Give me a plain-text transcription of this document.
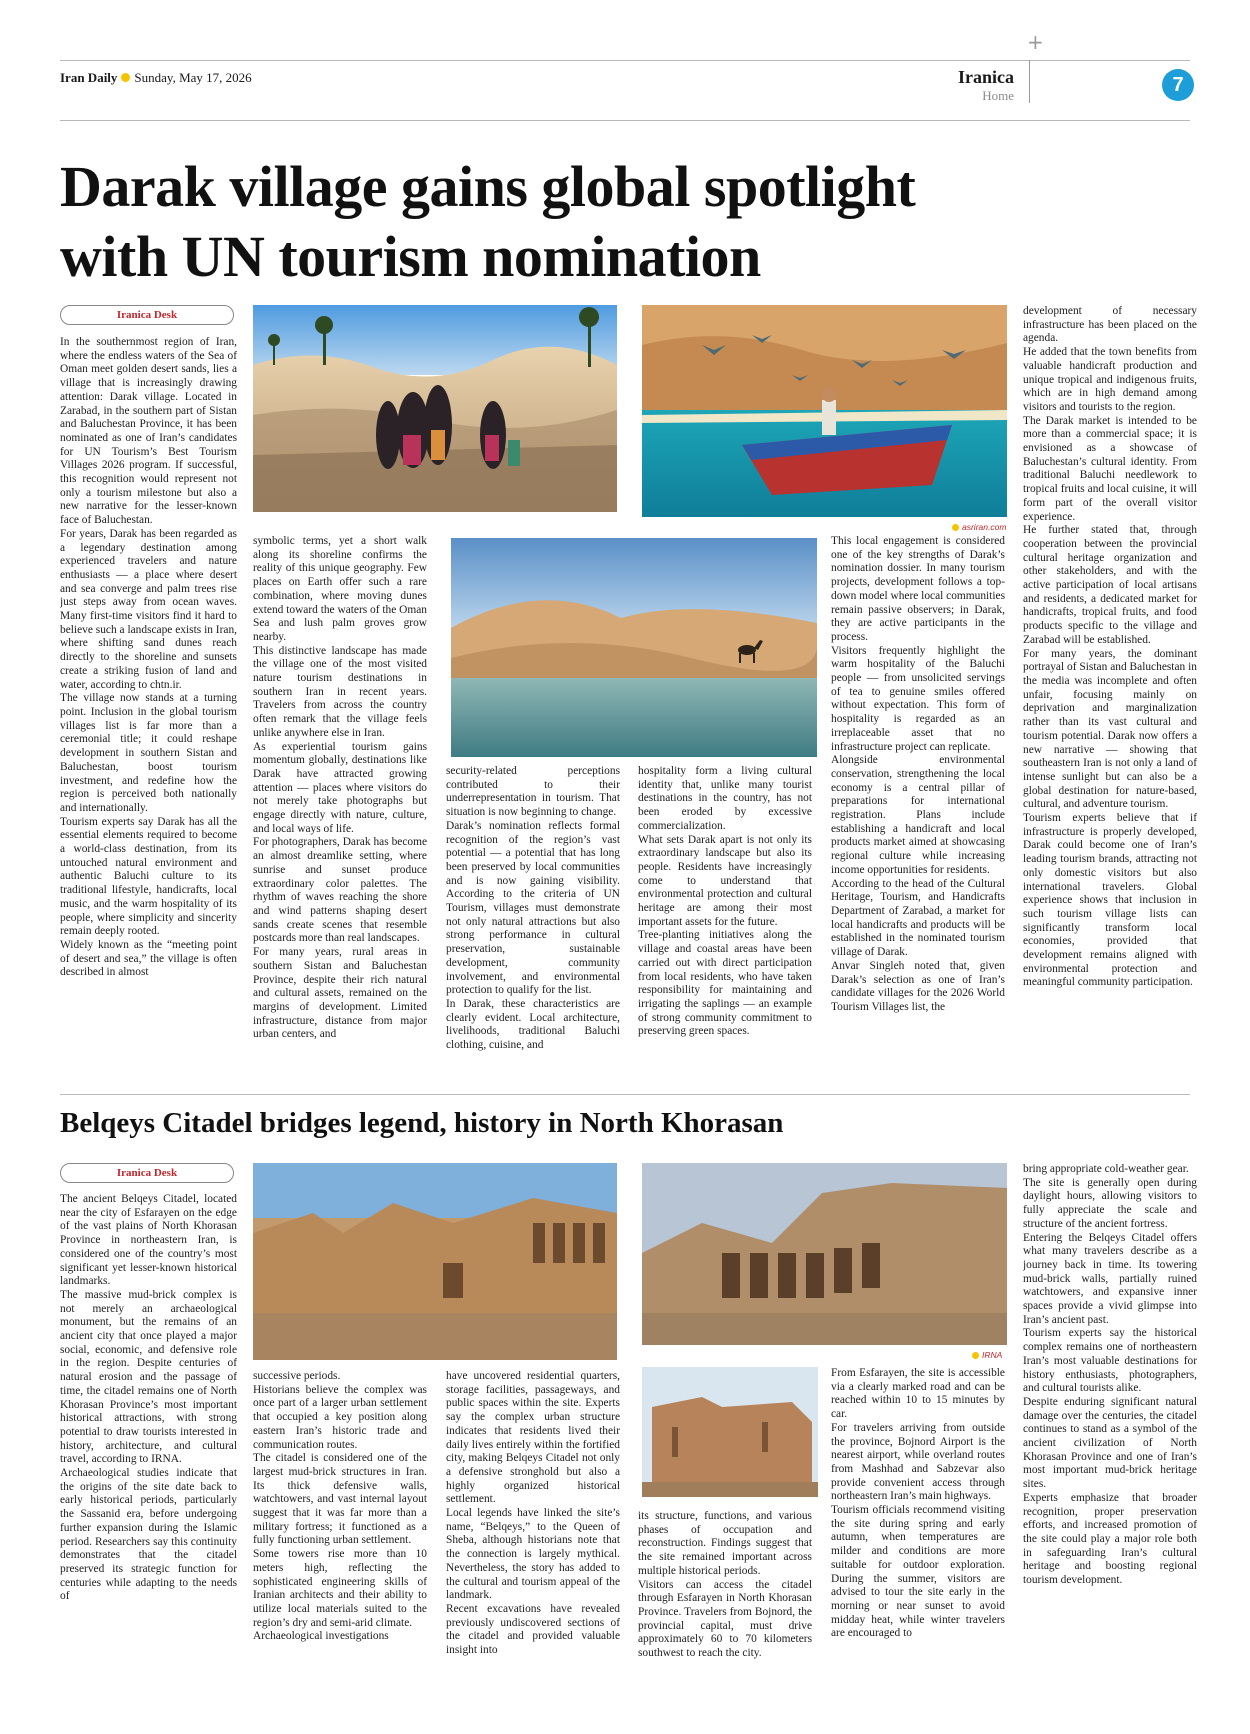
Iran Daily Sunday, May 17, 2026
+
Iranica
Home	7
Darak village gains global spotlight
with UN tourism nomination
Iranica Desk
asriran.com

In the southernmost region of Iran, where the endless waters of the Sea of Oman meet golden desert sands, lies a village that is increasingly drawing attention: Darak village. Located in Zarabad, in the southern part of Sistan and Baluchestan Province, it has been nominated as one of Iran’s candidates for UN Tourism’s Best Tourism Villages 2026 program. If successful, this recognition would represent not only a tourism milestone but also a new narrative for the lesser-known face of Baluchestan.

For years, Darak has been regarded as a legendary destination among experienced travelers and nature enthusiasts — a place where desert and sea converge and palm trees rise just steps away from ocean waves. Many first-time visitors find it hard to believe such a landscape exists in Iran, where shifting sand dunes reach directly to the shoreline and sunsets create a striking fusion of land and water, according to chtn.ir.

The village now stands at a turning point. Inclusion in the global tourism villages list is far more than a ceremonial title; it could reshape development in southern Sistan and Baluchestan, boost tourism investment, and redefine how the region is perceived both nationally and internationally.

Tourism experts say Darak has all the essential elements required to become a world-class destination, from its untouched natural environment and authentic Baluchi culture to its traditional lifestyle, handicrafts, local music, and the warm hospitality of its people, where simplicity and sincerity remain deeply rooted.

Widely known as the “meeting point of desert and sea,” the village is often described in almost

symbolic terms, yet a short walk along its shoreline confirms the reality of this unique geography. Few places on Earth offer such a rare combination, where moving dunes extend toward the waters of the Oman Sea and lush palm groves grow nearby.

This distinctive landscape has made the village one of the most visited nature tourism destinations in southern Iran in recent years. Travelers from across the country often remark that the village feels unlike anywhere else in Iran.

As experiential tourism gains momentum globally, destinations like Darak have attracted growing attention — places where visitors do not merely take photographs but engage directly with nature, culture, and local ways of life.

For photographers, Darak has become an almost dreamlike setting, where sunrise and sunset produce extraordinary color palettes. The rhythm of waves reaching the shore and wind patterns shaping desert sands create scenes that resemble postcards more than real landscapes.

For many years, rural areas in southern Sistan and Baluchestan Province, despite their rich natural and cultural assets, remained on the margins of development. Limited infrastructure, distance from major urban centers, and

security-related perceptions contributed to their underrepresentation in tourism. That situation is now beginning to change.

Darak’s nomination reflects formal recognition of the region’s vast potential — a potential that has long been preserved by local communities and is now gaining visibility. According to the criteria of UN Tourism, villages must demonstrate not only natural attractions but also strong performance in cultural preservation, sustainable development, community involvement, and environmental protection to qualify for the list.

In Darak, these characteristics are clearly evident. Local architecture, livelihoods, traditional Baluchi clothing, cuisine, and

hospitality form a living cultural identity that, unlike many tourist destinations in the country, has not been eroded by excessive commercialization.

What sets Darak apart is not only its extraordinary landscape but also its people. Residents have increasingly come to understand that environmental protection and cultural heritage are among their most important assets for the future.

Tree-planting initiatives along the village and coastal areas have been carried out with direct participation from local residents, who have taken responsibility for maintaining and irrigating the saplings — an example of strong community commitment to preserving green spaces.

This local engagement is considered one of the key strengths of Darak’s nomination dossier. In many tourism projects, development follows a top-down model where local communities remain passive observers; in Darak, they are active participants in the process.

Visitors frequently highlight the warm hospitality of the Baluchi people — from unsolicited servings of tea to genuine smiles offered without expectation. This form of hospitality is regarded as an irreplaceable asset that no infrastructure project can replicate.

Alongside environmental conservation, strengthening the local economy is a central pillar of preparations for international registration. Plans include establishing a handicraft and local products market aimed at showcasing regional culture while increasing income opportunities for residents.

According to the head of the Cultural Heritage, Tourism, and Handicrafts Department of Zarabad, a market for local handicrafts and products will be established in the nominated tourism village of Darak.

Anvar Singleh noted that, given Darak’s selection as one of Iran’s candidate villages for the 2026 World Tourism Villages list, the

development of necessary infrastructure has been placed on the agenda.

He added that the town benefits from valuable handicraft production and unique tropical and indigenous fruits, which are in high demand among visitors and tourists to the region.

The Darak market is intended to be more than a commercial space; it is envisioned as a showcase of Baluchestan’s cultural identity. From traditional Baluchi needlework to tropical fruits and local cuisine, it will form part of the overall visitor experience.

He further stated that, through cooperation between the provincial cultural heritage organization and other stakeholders, and with the active participation of local artisans and residents, a dedicated market for handicrafts, tropical fruits, and food products specific to the village and Zarabad will be established.

For many years, the dominant portrayal of Sistan and Baluchestan in the media was incomplete and often unfair, focusing mainly on deprivation and marginalization rather than its vast cultural and tourism potential. Darak now offers a new narrative — showing that southeastern Iran is not only a land of intense sunlight but can also be a global destination for nature-based, cultural, and adventure tourism.

Tourism experts believe that if infrastructure is properly developed, Darak could become one of Iran’s leading tourism brands, attracting not only domestic visitors but also international travelers. Global experience shows that inclusion in such tourism village lists can significantly transform local economies, provided that development remains aligned with environmental protection and meaningful community participation.

Belqeys Citadel bridges legend, history in North Khorasan
Iranica Desk
IRNA

The ancient Belqeys Citadel, located near the city of Esfarayen on the edge of the vast plains of North Khorasan Province in northeastern Iran, is considered one of the country’s most significant yet lesser-known historical landmarks.

The massive mud-brick complex is not merely an archaeological monument, but the remains of an ancient city that once played a major social, economic, and defensive role in the region. Despite centuries of natural erosion and the passage of time, the citadel remains one of North Khorasan Province’s most important historical attractions, with strong potential to draw tourists interested in history, architecture, and cultural travel, according to IRNA.

Archaeological studies indicate that the origins of the site date back to early historical periods, particularly the Sassanid era, before undergoing further expansion during the Islamic period. Researchers say this continuity demonstrates that the citadel preserved its strategic function for centuries while adapting to the needs of

successive periods.

Historians believe the complex was once part of a larger urban settlement that occupied a key position along eastern Iran’s historic trade and communication routes.

The citadel is considered one of the largest mud-brick structures in Iran. Its thick defensive walls, watchtowers, and vast internal layout suggest that it was far more than a military fortress; it functioned as a fully functioning urban settlement.

Some towers rise more than 10 meters high, reflecting the sophisticated engineering skills of Iranian architects and their ability to utilize local materials suited to the region’s dry and semi-arid climate.

Archaeological investigations

have uncovered residential quarters, storage facilities, passageways, and public spaces within the site. Experts say the complex urban structure indicates that residents lived their daily lives entirely within the fortified city, making Belqeys Citadel not only a defensive stronghold but also a highly organized historical settlement.

Local legends have linked the site’s name, “Belqeys,” to the Queen of Sheba, although historians note that the connection is largely mythical. Nevertheless, the story has added to the cultural and tourism appeal of the landmark.

Recent excavations have revealed previously undiscovered sections of the citadel and provided valuable insight into

its structure, functions, and various phases of occupation and reconstruction. Findings suggest that the site remained important across multiple historical periods.

Visitors can access the citadel through Esfarayen in North Khorasan Province. Travelers from Bojnord, the provincial capital, must drive approximately 60 to 70 kilometers southwest to reach the city.

From Esfarayen, the site is accessible via a clearly marked road and can be reached within 10 to 15 minutes by car.

For travelers arriving from outside the province, Bojnord Airport is the nearest airport, while overland routes from Mashhad and Sabzevar also provide convenient access through northeastern Iran’s main highways.

Tourism officials recommend visiting the site during spring and early autumn, when temperatures are milder and conditions are more suitable for outdoor exploration. During the summer, visitors are advised to tour the site early in the morning or near sunset to avoid midday heat, while winter travelers are encouraged to

bring appropriate cold-weather gear.

The site is generally open during daylight hours, allowing visitors to fully appreciate the scale and structure of the ancient fortress.

Entering the Belqeys Citadel offers what many travelers describe as a journey back in time. Its towering mud-brick walls, partially ruined watchtowers, and expansive inner spaces provide a vivid glimpse into Iran’s ancient past.

Tourism experts say the historical complex remains one of northeastern Iran’s most valuable destinations for history enthusiasts, photographers, and cultural tourists alike.

Despite enduring significant natural damage over the centuries, the citadel continues to stand as a symbol of the ancient civilization of North Khorasan Province and one of Iran’s most important mud-brick heritage sites.

Experts emphasize that broader recognition, proper preservation efforts, and increased promotion of the site could play a major role both in safeguarding Iran’s cultural heritage and boosting regional tourism development.
